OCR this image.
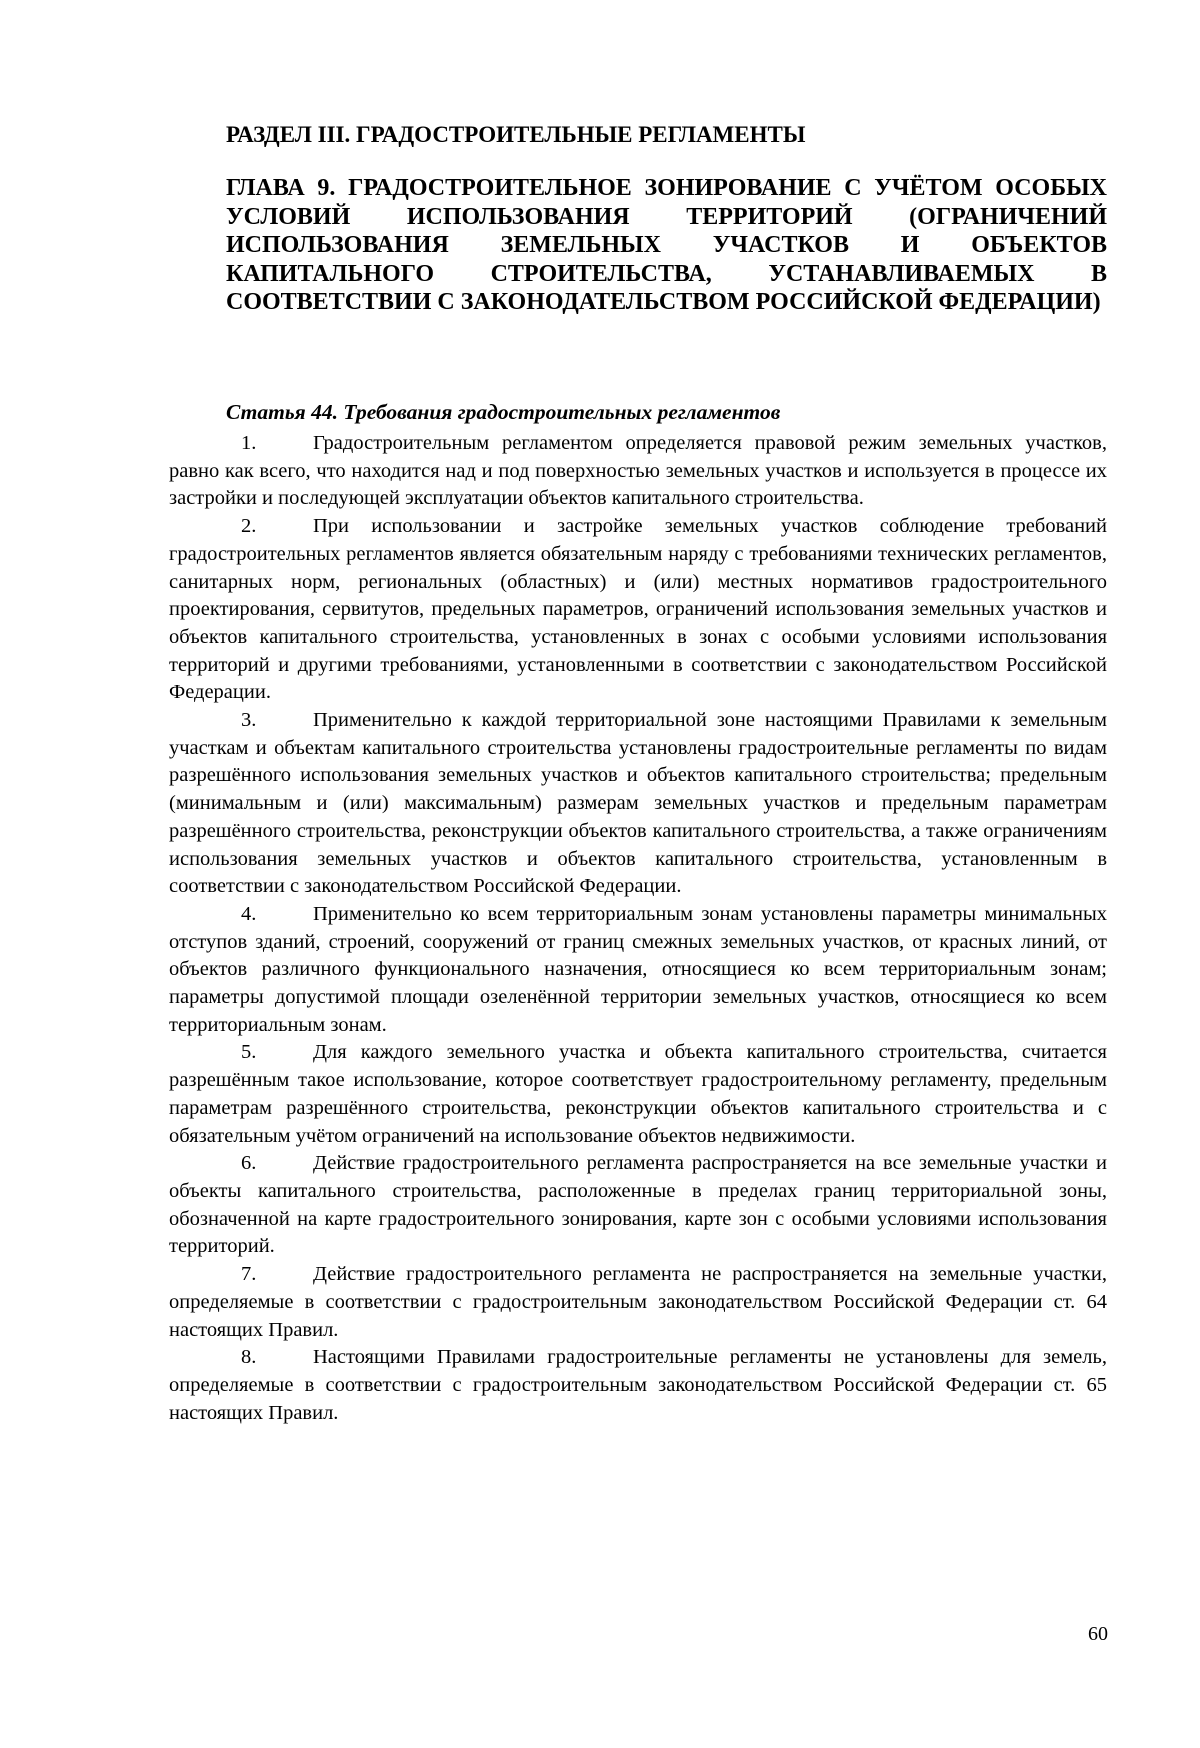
РАЗДЕЛ III. ГРАДОСТРОИТЕЛЬНЫЕ РЕГЛАМЕНТЫ
ГЛАВА 9. ГРАДОСТРОИТЕЛЬНОЕ ЗОНИРОВАНИЕ С УЧЁТОМ ОСОБЫХ УСЛОВИЙ ИСПОЛЬЗОВАНИЯ ТЕРРИТОРИЙ (ОГРАНИЧЕНИЙ ИСПОЛЬЗОВАНИЯ ЗЕМЕЛЬНЫХ УЧАСТКОВ И ОБЪЕКТОВ КАПИТАЛЬНОГО СТРОИТЕЛЬСТВА, УСТАНАВЛИВАЕМЫХ В СООТВЕТСТВИИ С ЗАКОНОДАТЕЛЬСТВОМ РОССИЙСКОЙ ФЕДЕРАЦИИ)
Статья 44. Требования градостроительных регламентов

1.	Градостроительным регламентом определяется правовой режим земельных участков, равно как всего, что находится над и под поверхностью земельных участков и используется в процессе их застройки и последующей эксплуатации объектов капитального строительства.

2.	При использовании и застройке земельных участков соблюдение требований градостроительных регламентов является обязательным наряду с требованиями технических регламентов, санитарных норм, региональных (областных) и (или) местных нормативов градостроительного проектирования, сервитутов, предельных параметров, ограничений использования земельных участков и объектов капитального строительства, установленных в зонах с особыми условиями использования территорий и другими требованиями, установленными в соответствии с законодательством Российской Федерации.

3.	Применительно к каждой территориальной зоне настоящими Правилами к земельным участкам и объектам капитального строительства установлены градостроительные регламенты по видам разрешённого использования земельных участков и объектов капитального строительства; предельным (минимальным и (или) максимальным) размерам земельных участков и предельным параметрам разрешённого строительства, реконструкции объектов капитального строительства, а также ограничениям использования земельных участков и объектов капитального строительства, установленным в соответствии с законодательством Российской Федерации.

4.	Применительно ко всем территориальным зонам установлены параметры минимальных отступов зданий, строений, сооружений от границ смежных земельных участков, от красных линий, от объектов различного функционального назначения, относящиеся ко всем территориальным зонам; параметры допустимой площади озеленённой территории земельных участков, относящиеся ко всем территориальным зонам.

5.	Для каждого земельного участка и объекта капитального строительства, считается разрешённым такое использование, которое соответствует градостроительному регламенту, предельным параметрам разрешённого строительства, реконструкции объектов капитального строительства и с обязательным учётом ограничений на использование объектов недвижимости.

6.	Действие градостроительного регламента распространяется на все земельные участки и объекты капитального строительства, расположенные в пределах границ территориальной зоны, обозначенной на карте градостроительного зонирования, карте зон с особыми условиями использования территорий.

7.	Действие градостроительного регламента не распространяется на земельные участки, определяемые в соответствии с градостроительным законодательством Российской Федерации ст. 64 настоящих Правил.

8.	Настоящими Правилами градостроительные регламенты не установлены для земель, определяемые в соответствии с градостроительным законодательством Российской Федерации ст. 65 настоящих Правил.

60
